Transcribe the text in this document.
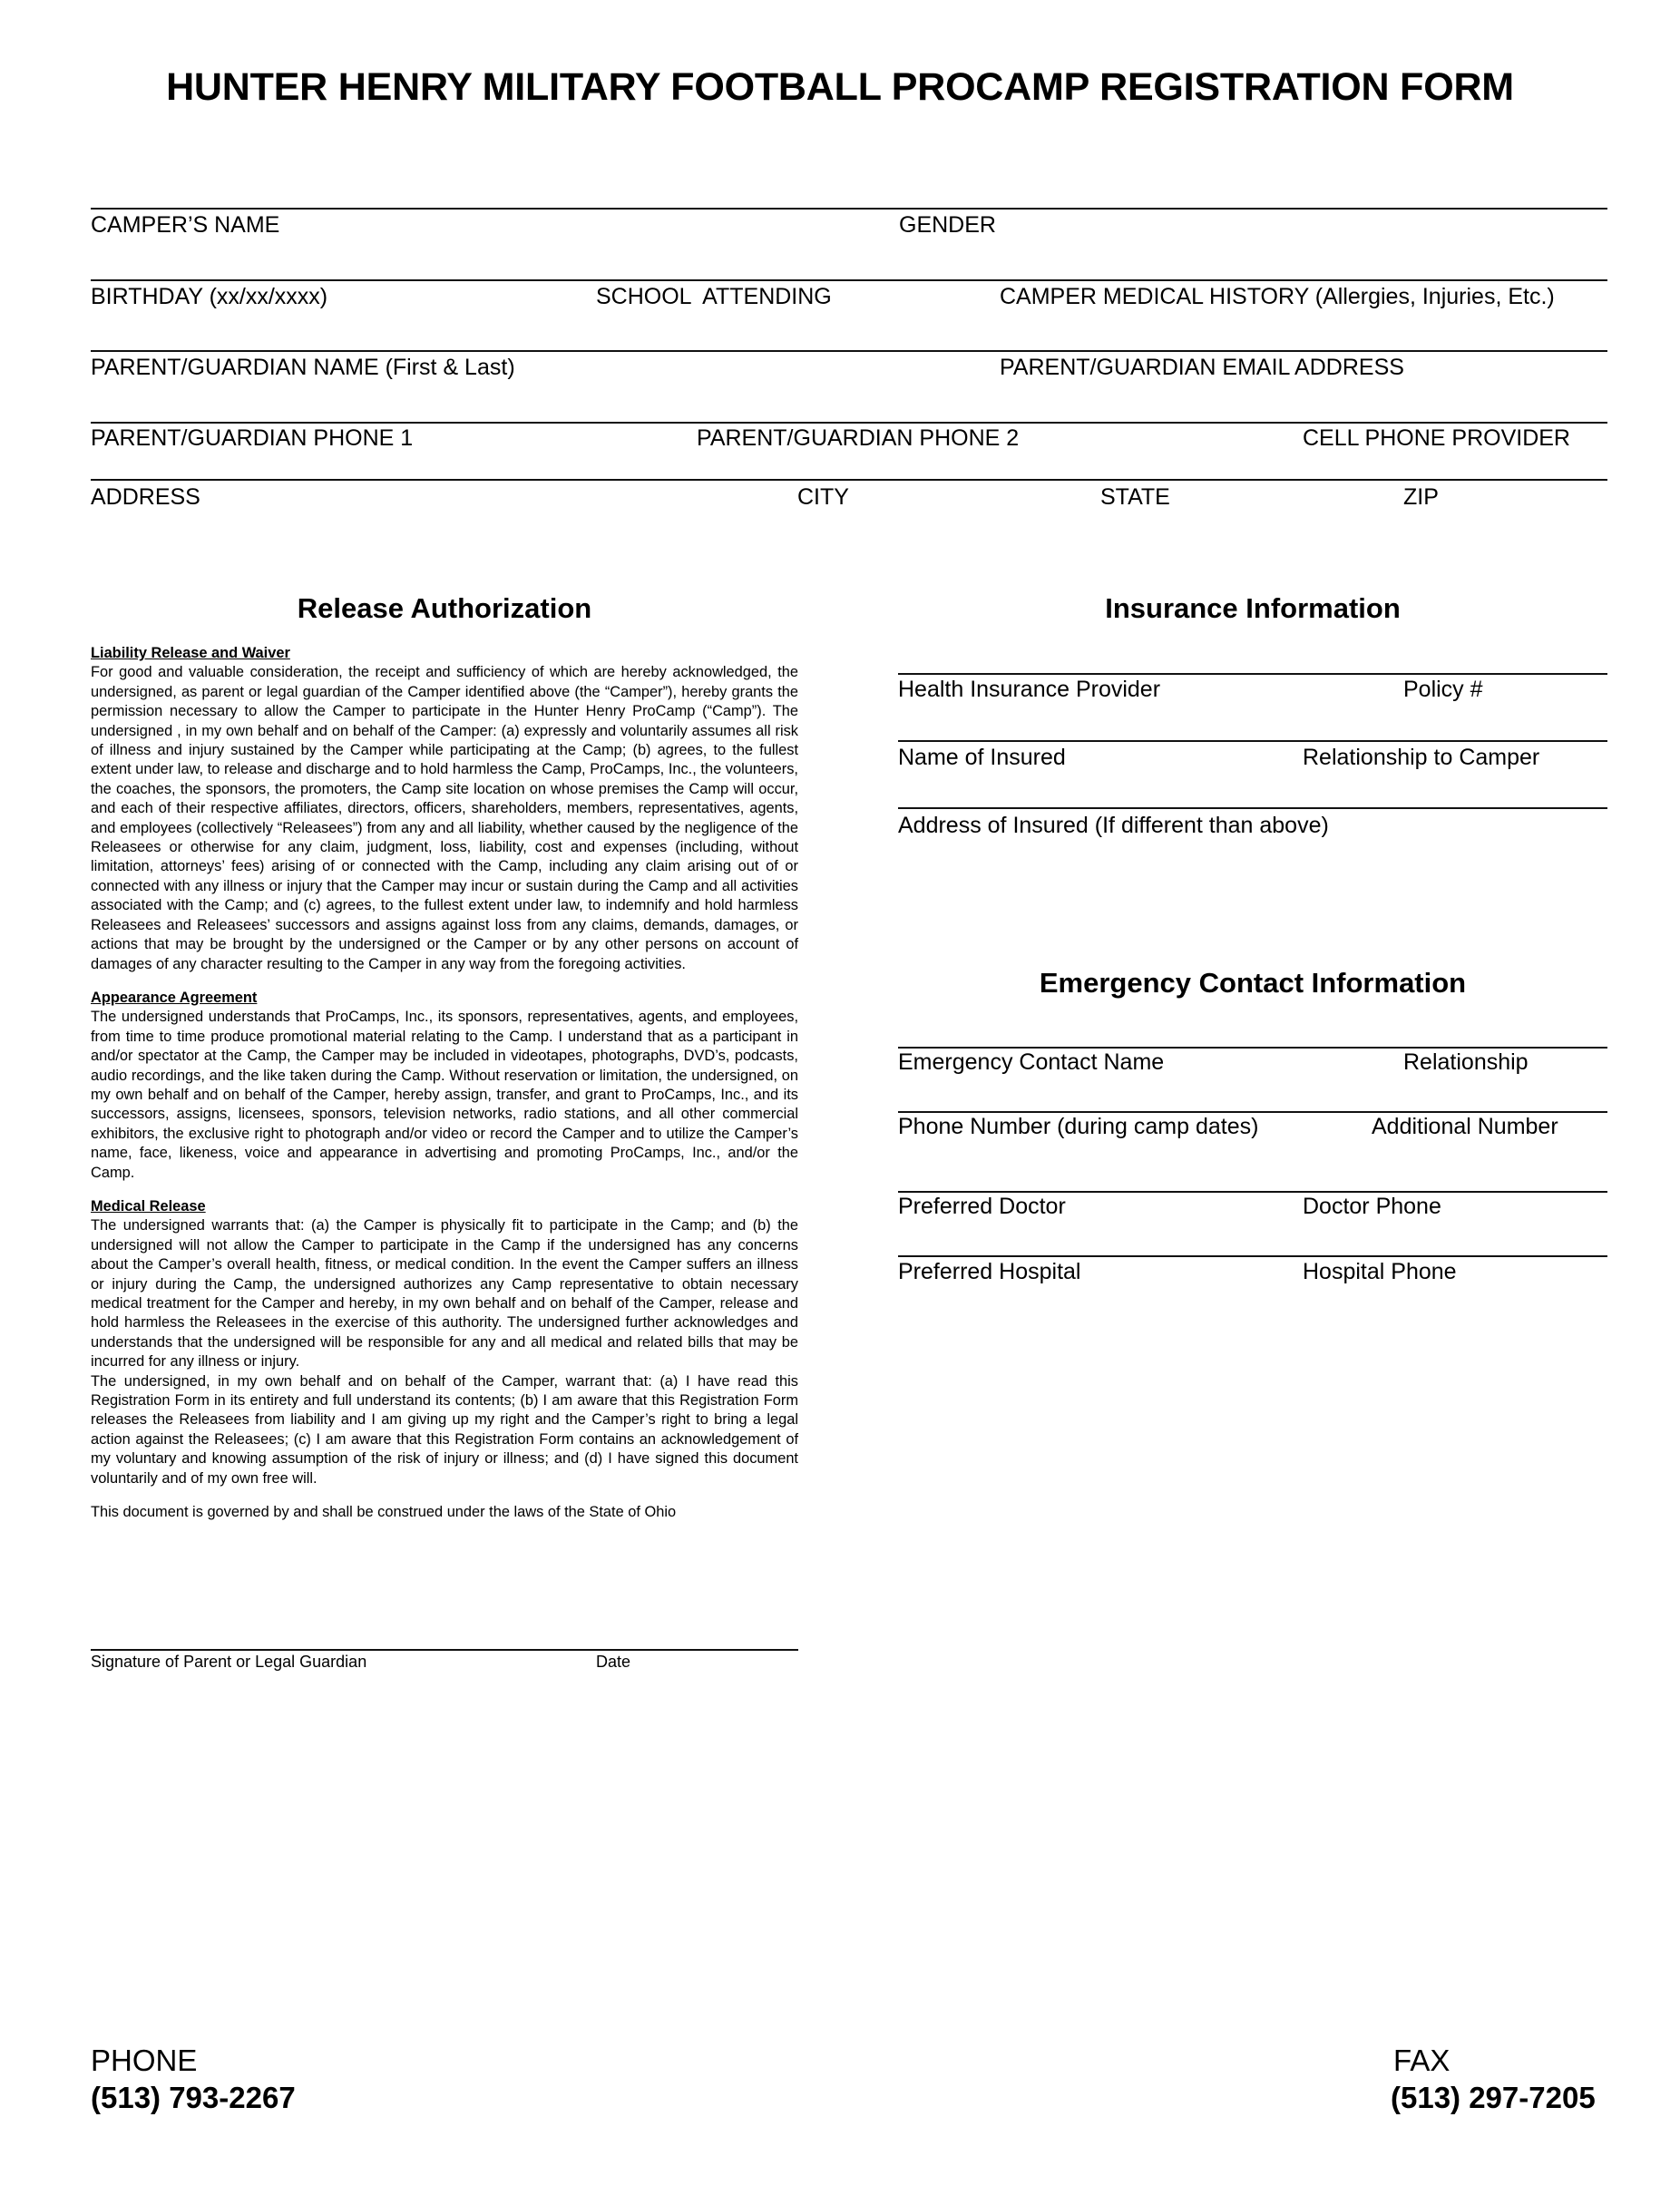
HUNTER HENRY MILITARY FOOTBALL PROCAMP REGISTRATION FORM
CAMPER’S NAME	GENDER
BIRTHDAY (xx/xx/xxxx)	SCHOOL  ATTENDING	CAMPER MEDICAL HISTORY (Allergies, Injuries, Etc.)
PARENT/GUARDIAN NAME (First & Last)	PARENT/GUARDIAN EMAIL ADDRESS
PARENT/GUARDIAN PHONE 1	PARENT/GUARDIAN PHONE 2	CELL PHONE PROVIDER
ADDRESS	CITY	STATE	ZIP
Release Authorization
Liability Release and Waiver

For good and valuable consideration, the receipt and sufficiency of which are hereby acknowledged, the undersigned, as parent or legal guardian of the Camper identified above (the “Camper”), hereby grants the permission necessary to allow the Camper to participate in the Hunter Henry ProCamp (“Camp”). The undersigned , in my own behalf and on behalf of the Camper: (a) expressly and voluntarily assumes all risk of illness and injury sustained by the Camper while participating at the Camp; (b) agrees, to the fullest extent under law, to release and discharge and to hold harmless the Camp, ProCamps, Inc., the volunteers, the coaches, the sponsors, the promoters, the Camp site location on whose premises the Camp will occur, and each of their respective affiliates, directors, officers, shareholders, members, representatives, agents, and employees (collectively “Releasees”) from any and all liability, whether caused by the negligence of the Releasees or otherwise for any claim, judgment, loss, liability, cost and expenses (including, without limitation, attorneys’ fees) arising of or connected with the Camp, including any claim arising out of or connected with any illness or injury that the Camper may incur or sustain during the Camp and all activities associated with the Camp; and (c) agrees, to the fullest extent under law, to indemnify and hold harmless Releasees and Releasees’ successors and assigns against loss from any claims, demands, damages, or actions that may be brought by the undersigned or the Camper or by any other persons on account of damages of any character resulting to the Camper in any way from the foregoing activities.

Appearance Agreement

The undersigned understands that ProCamps, Inc., its sponsors, representatives, agents, and employees, from time to time produce promotional material relating to the Camp. I understand that as a participant in and/or spectator at the Camp, the Camper may be included in videotapes, photographs, DVD’s, podcasts, audio recordings, and the like taken during the Camp. Without reservation or limitation, the undersigned, on my own behalf and on behalf of the Camper, hereby assign, transfer, and grant to ProCamps, Inc., and its successors, assigns, licensees, sponsors, television networks, radio stations, and all other commercial exhibitors, the exclusive right to photograph and/or video or record the Camper and to utilize the Camper’s name, face, likeness, voice and appearance in advertising and promoting ProCamps, Inc., and/or the Camp.

Medical Release

The undersigned warrants that: (a) the Camper is physically fit to participate in the Camp; and (b) the undersigned will not allow the Camper to participate in the Camp if the undersigned has any concerns about the Camper’s overall health, fitness, or medical condition. In the event the Camper suffers an illness or injury during the Camp, the undersigned authorizes any Camp representative to obtain necessary medical treatment for the Camper and hereby, in my own behalf and on behalf of the Camper, release and hold harmless the Releasees in the exercise of this authority. The undersigned further acknowledges and understands that the undersigned will be responsible for any and all medical and related bills that may be incurred for any illness or injury.

The undersigned, in my own behalf and on behalf of the Camper, warrant that: (a) I have read this Registration Form in its entirety and full understand its contents; (b) I am aware that this Registration Form releases the Releasees from liability and I am giving up my right and the Camper’s right to bring a legal action against the Releasees; (c) I am aware that this Registration Form contains an acknowledgement of my voluntary and knowing assumption of the risk of injury or illness; and (d) I have signed this document voluntarily and of my own free will.

This document is governed by and shall be construed under the laws of the State of Ohio

Signature of Parent or Legal Guardian	Date
Insurance Information
Health Insurance Provider	Policy #
Name of Insured	Relationship to Camper
Address of Insured (If different than above)
Emergency Contact Information
Emergency Contact Name	Relationship
Phone Number (during camp dates)	Additional Number
Preferred Doctor	Doctor Phone
Preferred Hospital	Hospital Phone
PHONE
(513) 793-2267
FAX
(513) 297-7205
